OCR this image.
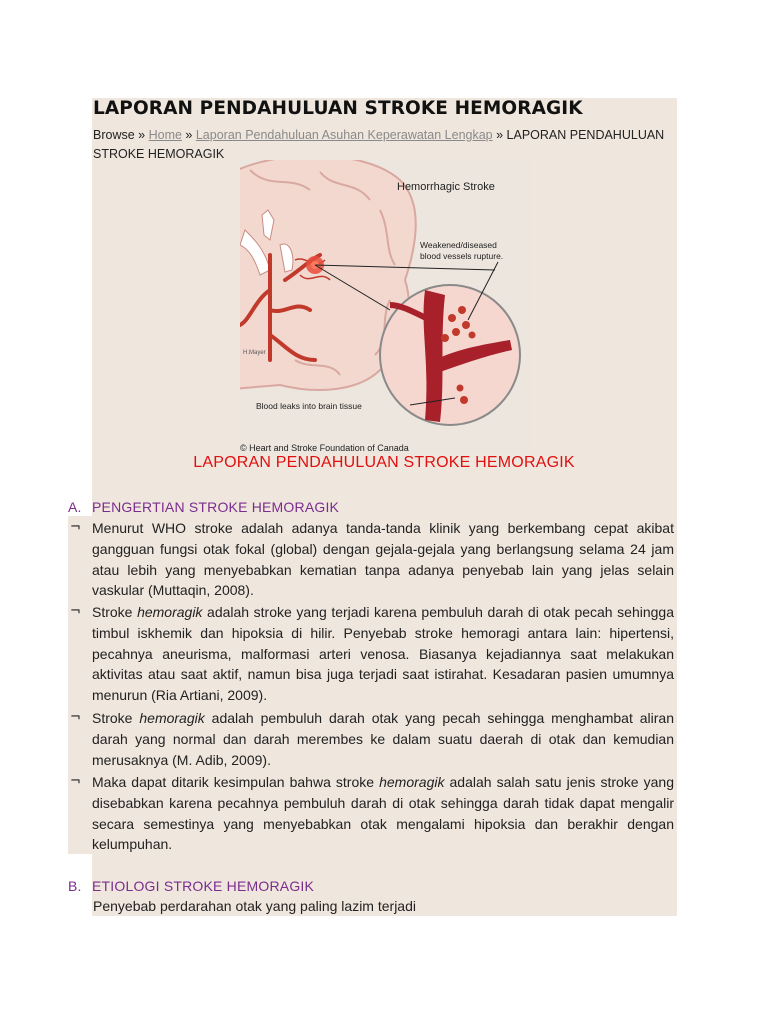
LAPORAN PENDAHULUAN STROKE HEMORAGIK
Browse » Home » Laporan Pendahuluan Asuhan Keperawatan Lengkap » LAPORAN PENDAHULUAN STROKE HEMORAGIK
Hemorrhagic Stroke
Weakened/diseased
blood vessels rupture.
Blood leaks into brain tissue
H.Mayer
© Heart and Stroke Foundation of Canada
LAPORAN PENDAHULUAN STROKE HEMORAGIK
A. PENGERTIAN STROKE HEMORAGIK
¬ Menurut WHO stroke adalah adanya tanda-tanda klinik yang berkembang cepat akibat gangguan fungsi otak fokal (global) dengan gejala-gejala yang berlangsung selama 24 jam atau lebih yang menyebabkan kematian tanpa adanya penyebab lain yang jelas selain vaskular (Muttaqin, 2008).
¬ Stroke hemoragik adalah stroke yang terjadi karena pembuluh darah di otak pecah sehingga timbul iskhemik dan hipoksia di hilir. Penyebab stroke hemoragi antara lain: hipertensi, pecahnya aneurisma, malformasi arteri venosa. Biasanya kejadiannya saat melakukan aktivitas atau saat aktif, namun bisa juga terjadi saat istirahat. Kesadaran pasien umumnya menurun (Ria Artiani, 2009).
¬ Stroke hemoragik adalah pembuluh darah otak yang pecah sehingga menghambat aliran darah yang normal dan darah merembes ke dalam suatu daerah di otak dan kemudian merusaknya (M. Adib, 2009).
¬ Maka dapat ditarik kesimpulan bahwa stroke hemoragik adalah salah satu jenis stroke yang disebabkan karena pecahnya pembuluh darah di otak sehingga darah tidak dapat mengalir secara semestinya yang menyebabkan otak mengalami hipoksia dan berakhir dengan kelumpuhan.
B. ETIOLOGI STROKE HEMORAGIK
Penyebab perdarahan otak yang paling lazim terjadi
